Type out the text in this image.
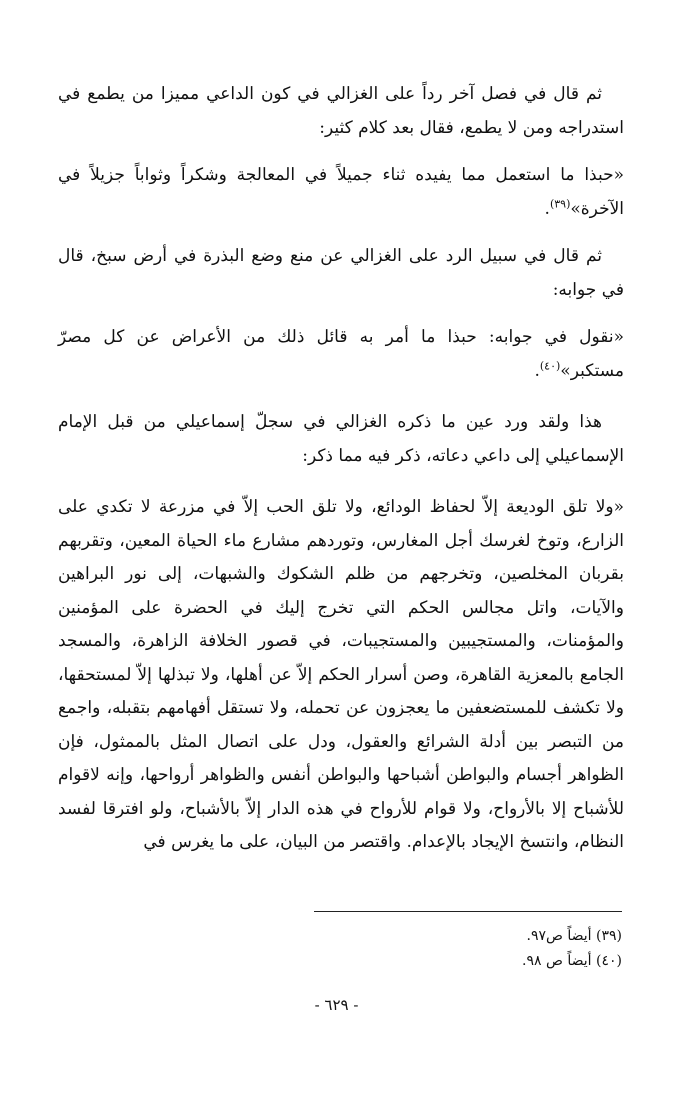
ثم قال في فصل آخر رداً على الغزالي في كون الداعي مميزا من يطمع في استدراجه ومن لا يطمع، فقال بعد كلام كثير:

«حبذا ما استعمل مما يفيده ثناء جميلاً في المعالجة وشكراً وثواباً جزيلاً في الآخرة»$^{(٣٩)}$.

ثم قال في سبيل الرد على الغزالي عن منع وضع البذرة في أرض سبخ، قال في جوابه:

«نقول في جوابه: حبذا ما أمر به قائل ذلك من الأعراض عن كل مصرّ مستكبر»$^{(٤٠)}$.

هذا ولقد ورد عين ما ذكره الغزالي في سجلّ إسماعيلي من قبل الإمام الإسماعيلي إلى داعي دعاته، ذكر فيه مما ذكر:

«ولا تلق الوديعة إلاّ لحفاظ الودائع، ولا تلق الحب إلاّ في مزرعة لا تكدي على الزارع، وتوخ لغرسك أجل المغارس، وتوردهم مشارع ماء الحياة المعين، وتقربهم بقربان المخلصين، وتخرجهم من ظلم الشكوك والشبهات، إلى نور البراهين والآيات، واتل مجالس الحكم التي تخرج إليك في الحضرة على المؤمنين والمؤمنات، والمستجيبين والمستجيبات، في قصور الخلافة الزاهرة، والمسجد الجامع بالمعزية القاهرة، وصن أسرار الحكم إلاّ عن أهلها، ولا تبذلها إلاّ لمستحقها، ولا تكشف للمستضعفين ما يعجزون عن تحمله، ولا تستقل أفهامهم بتقبله، واجمع من التبصر بين أدلة الشرائع والعقول، ودل على اتصال المثل بالممثول، فإن الظواهر أجسام والبواطن أشباحها والبواطن أنفس والظواهر أرواحها، وإنه لاقوام للأشباح إلا بالأرواح، ولا قوام للأرواح في هذه الدار إلاّ بالأشباح، ولو افترقا لفسد النظام، وانتسخ الإيجاد بالإعدام. واقتصر من البيان، على ما يغرس في

(٣٩) أيضاً ص٩٧.

(٤٠) أيضاً ص ٩٨.

- ٦٢٩ -
